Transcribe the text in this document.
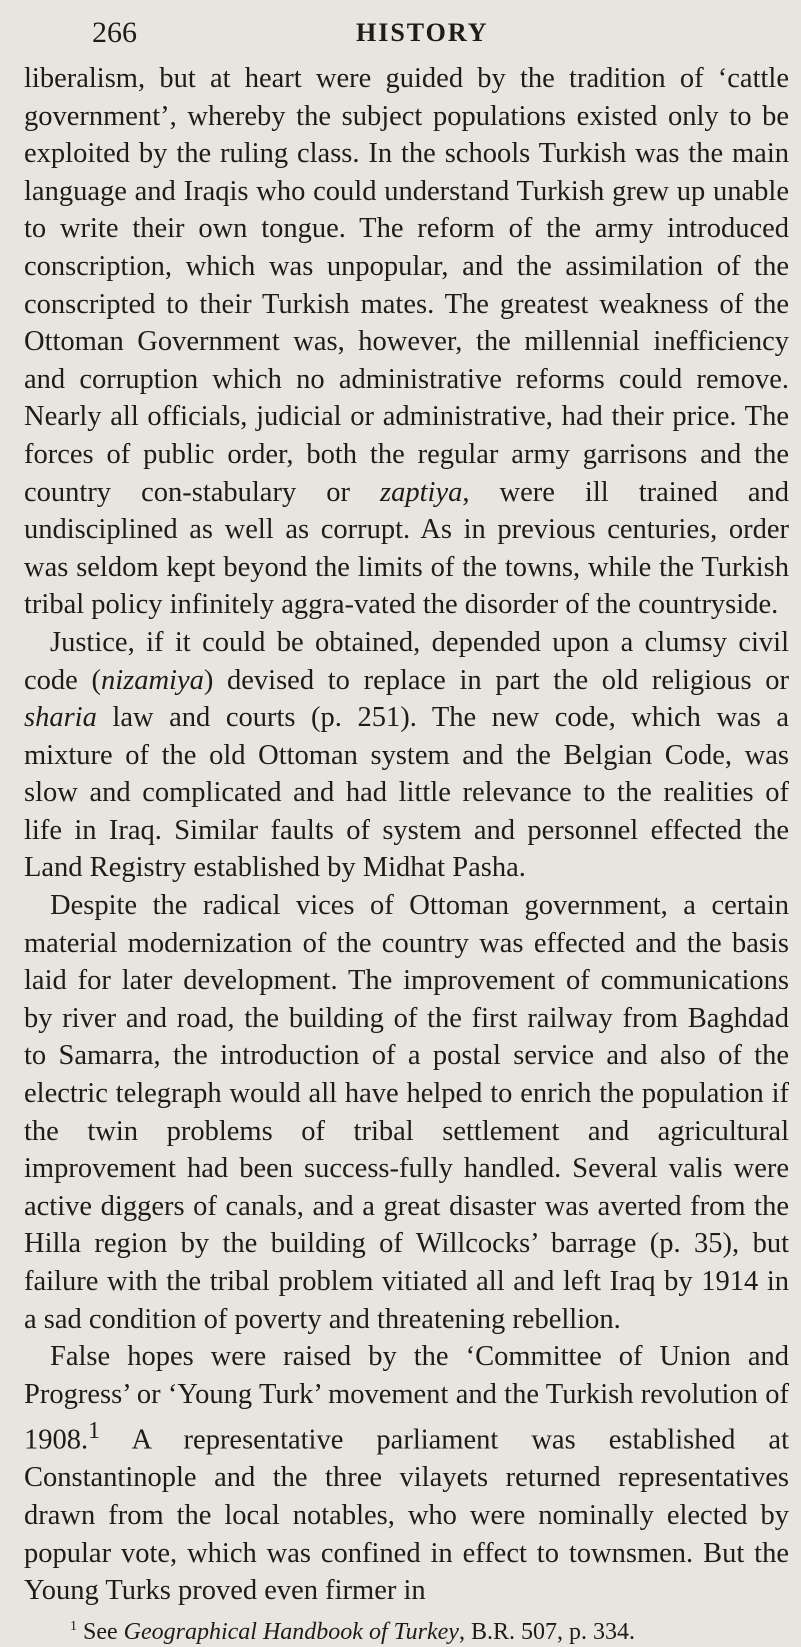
266	HISTORY

liberalism, but at heart were guided by the tradition of ‘cattle government’, whereby the subject populations existed only to be exploited by the ruling class. In the schools Turkish was the main language and Iraqis who could understand Turkish grew up unable to write their own tongue. The reform of the army introduced conscription, which was unpopular, and the assimilation of the conscripted to their Turkish mates. The greatest weakness of the Ottoman Government was, however, the millennial inefficiency and corruption which no administrative reforms could remove. Nearly all officials, judicial or administrative, had their price. The forces of public order, both the regular army garrisons and the country con-stabulary or zaptiya, were ill trained and undisciplined as well as corrupt. As in previous centuries, order was seldom kept beyond the limits of the towns, while the Turkish tribal policy infinitely aggra-vated the disorder of the countryside.

Justice, if it could be obtained, depended upon a clumsy civil code (nizamiya) devised to replace in part the old religious or sharia law and courts (p. 251). The new code, which was a mixture of the old Ottoman system and the Belgian Code, was slow and complicated and had little relevance to the realities of life in Iraq. Similar faults of system and personnel effected the Land Registry established by Midhat Pasha.

Despite the radical vices of Ottoman government, a certain material modernization of the country was effected and the basis laid for later development. The improvement of communications by river and road, the building of the first railway from Baghdad to Samarra, the introduction of a postal service and also of the electric telegraph would all have helped to enrich the population if the twin problems of tribal settlement and agricultural improvement had been success-fully handled. Several valis were active diggers of canals, and a great disaster was averted from the Hilla region by the building of Willcocks’ barrage (p. 35), but failure with the tribal problem vitiated all and left Iraq by 1914 in a sad condition of poverty and threatening rebellion.

False hopes were raised by the ‘Committee of Union and Progress’ or ‘Young Turk’ movement and the Turkish revolution of 1908.$^1$ A representative parliament was established at Constantinople and the three vilayets returned representatives drawn from the local notables, who were nominally elected by popular vote, which was confined in effect to townsmen. But the Young Turks proved even firmer in

$^1$ See Geographical Handbook of Turkey, B.R. 507, p. 334.
